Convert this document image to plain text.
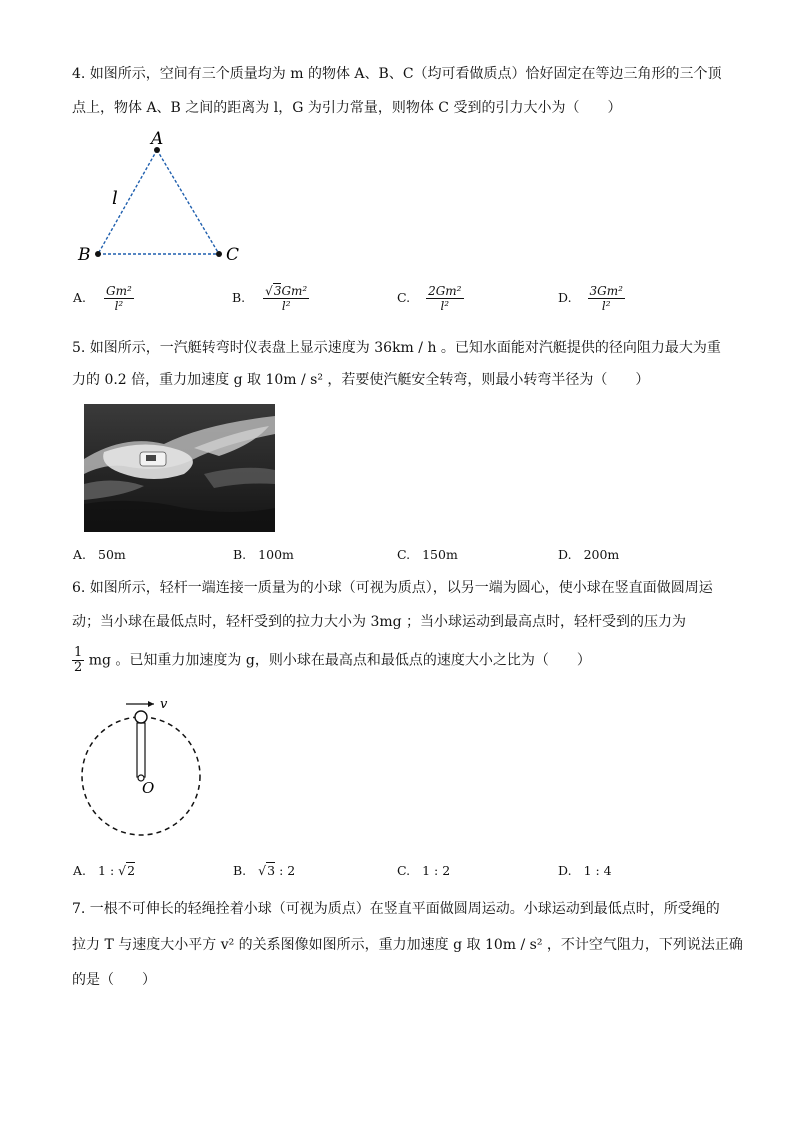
4. 如图所示，空间有三个质量均为 m 的物体 A、B、C（均可看做质点）恰好固定在等边三角形的三个顶
点上，物体 A、B 之间的距离为 l，G 为引力常量，则物体 C 受到的引力大小为（　　）
A
B	C
l
A. $\frac{\text{Gm²}}{\text{l²}}$	B. $\frac{\text{√3Gm²}}{\text{l²}}$	C. $\frac{\text{2Gm²}}{\text{l²}}$	D. $\frac{\text{3Gm²}}{\text{l²}}$
5. 如图所示，一汽艇转弯时仪表盘上显示速度为 36km / h 。已知水面能对汽艇提供的径向阻力最大为重
力的 0.2 倍，重力加速度 g 取 10m / s² ，若要使汽艇安全转弯，则最小转弯半径为（　　）
A. 50m	B. 100m	C. 150m	D. 200m
6. 如图所示，轻杆一端连接一质量为的小球（可视为质点），以另一端为圆心，使小球在竖直面做圆周运
动；当小球在最低点时，轻杆受到的拉力大小为 3mg ；当小球运动到最高点时，轻杆受到的压力为
$\frac{1}{2}$ mg 。已知重力加速度为 g，则小球在最高点和最低点的速度大小之比为（　　）
v
O
A. 1 : √2	B. √3 : 2	C. 1 : 2	D. 1 : 4
7. 一根不可伸长的轻绳拴着小球（可视为质点）在竖直平面做圆周运动。小球运动到最低点时，所受绳的
拉力 T 与速度大小平方 v² 的关系图像如图所示，重力加速度 g 取 10m / s² ，不计空气阻力，下列说法正确
的是（　　）
